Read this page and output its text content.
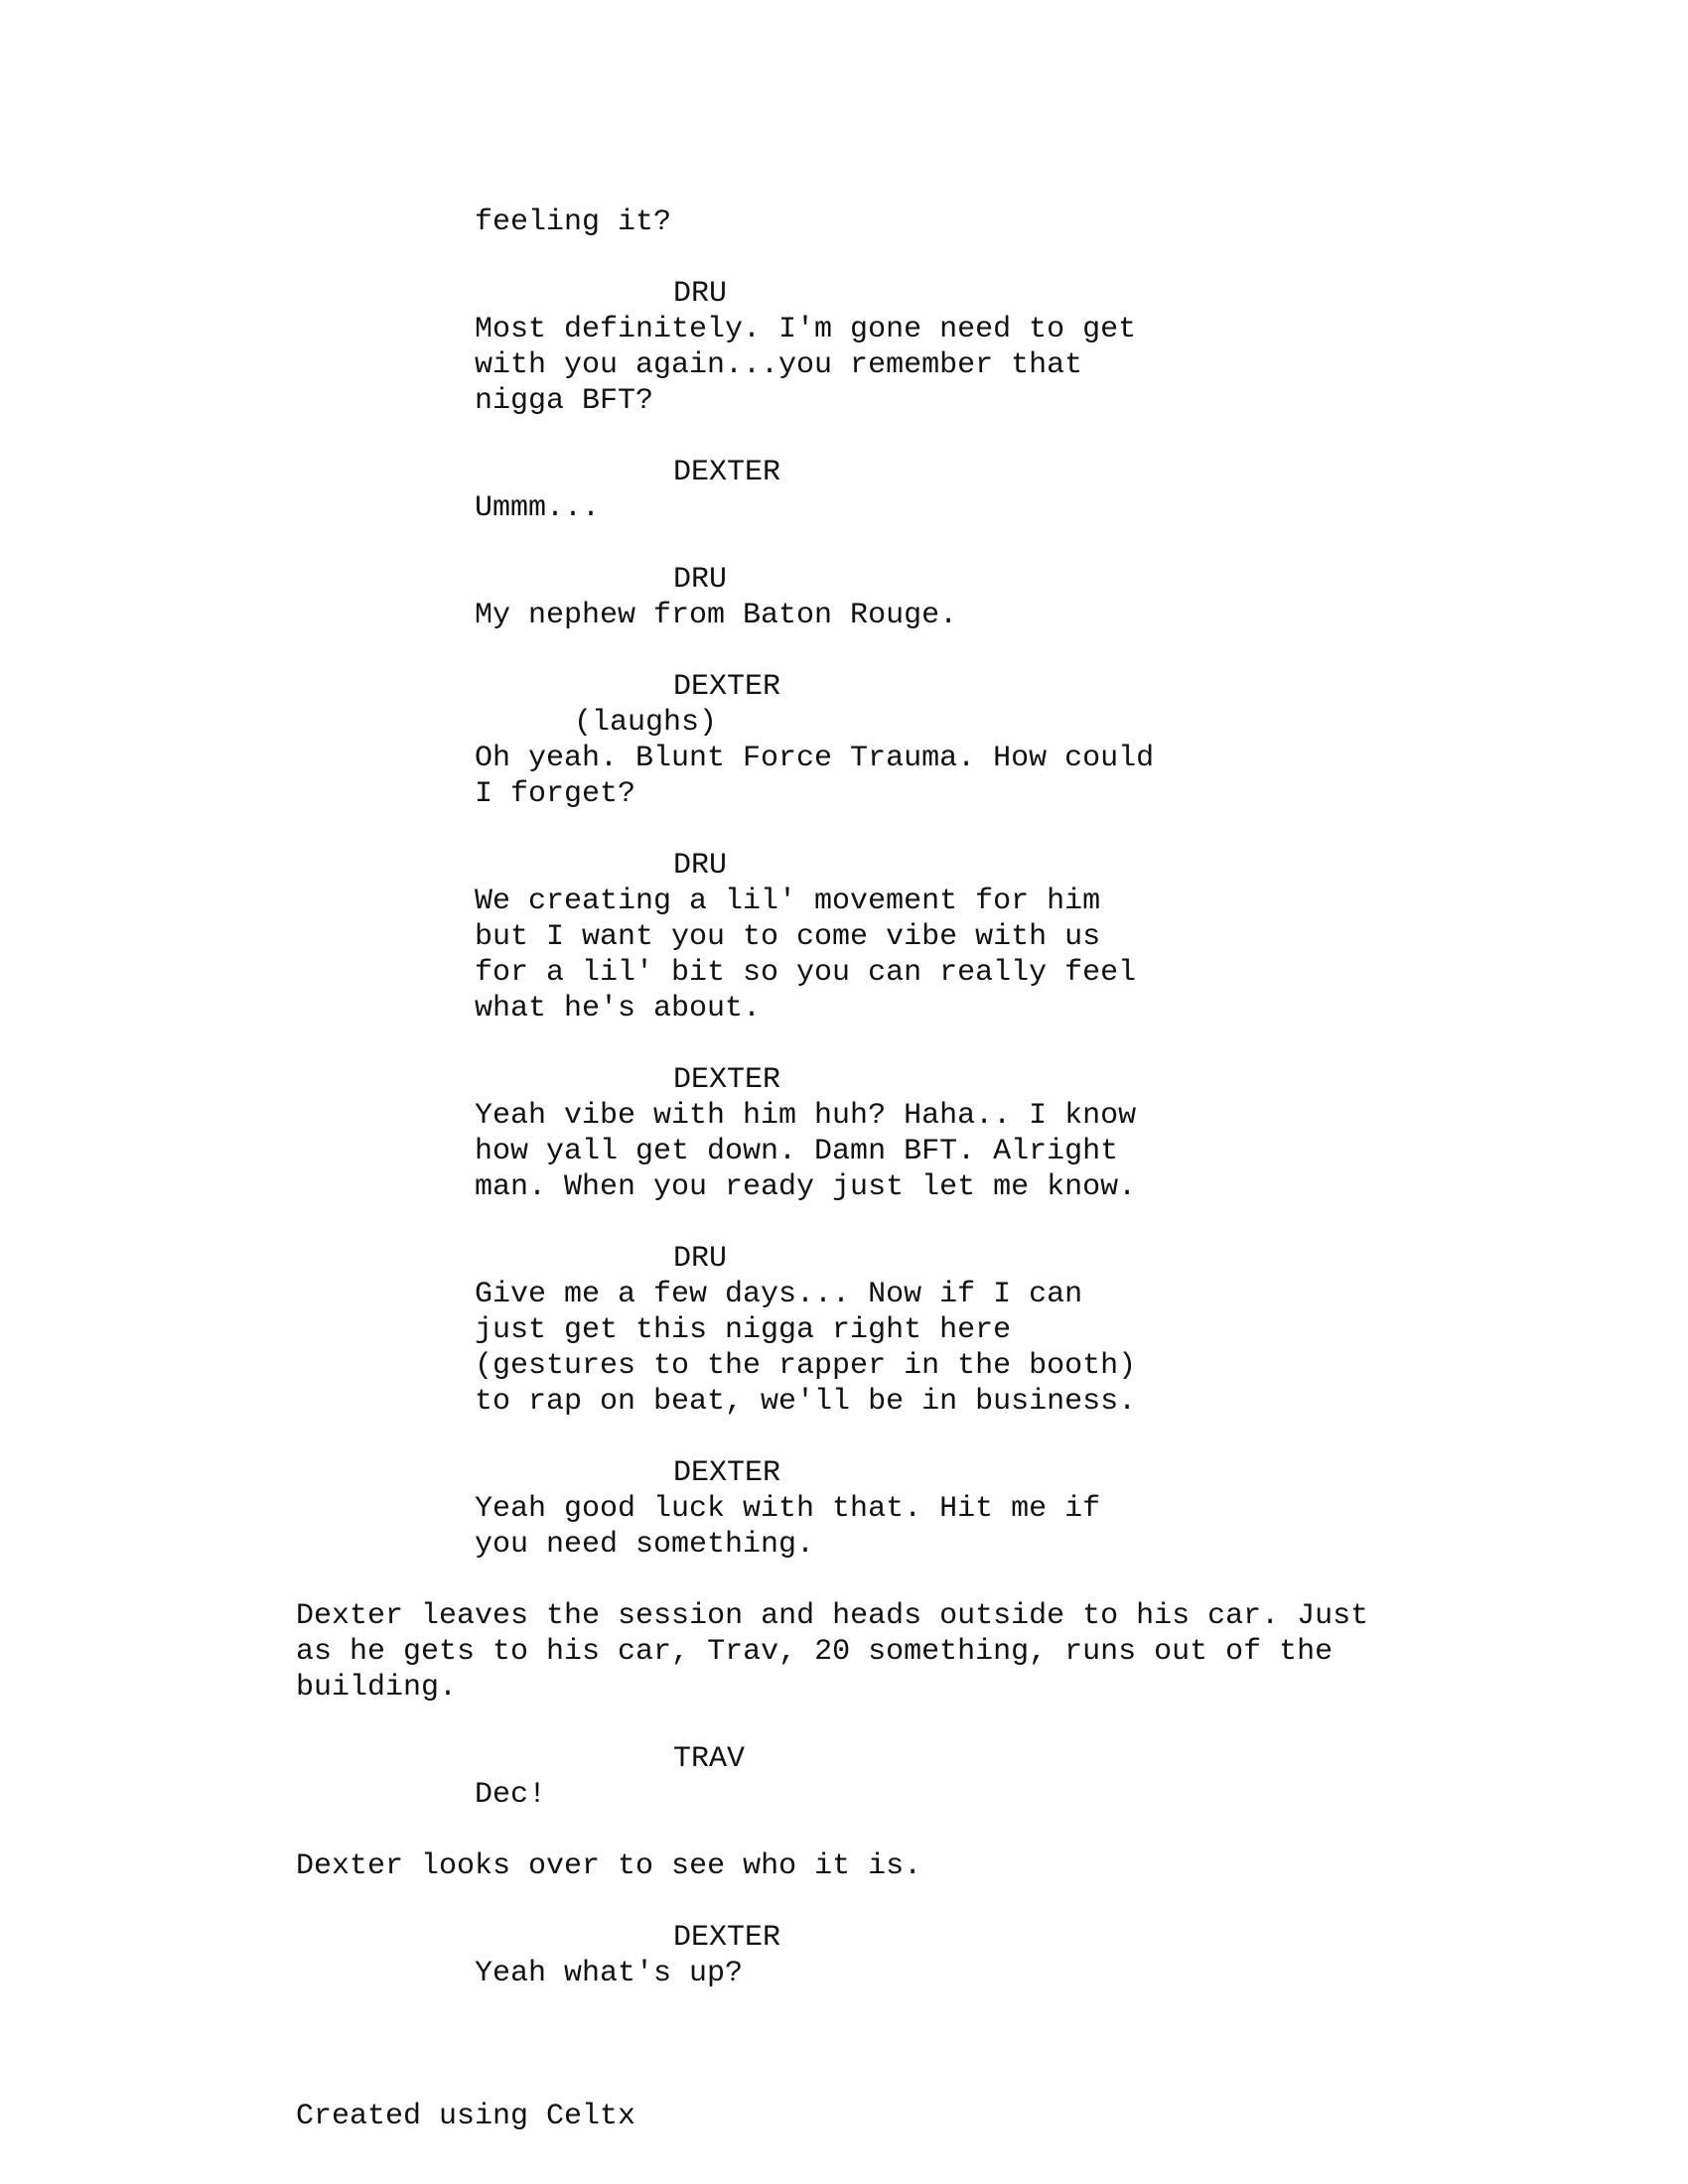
feeling it?
DRU
Most definitely. I'm gone need to get
with you again...you remember that
nigga BFT?
DEXTER
Ummm...
DRU
My nephew from Baton Rouge.
DEXTER
(laughs)
Oh yeah. Blunt Force Trauma. How could
I forget?
DRU
We creating a lil' movement for him
but I want you to come vibe with us
for a lil' bit so you can really feel
what he's about.
DEXTER
Yeah vibe with him huh? Haha.. I know
how yall get down. Damn BFT. Alright
man. When you ready just let me know.
DRU
Give me a few days... Now if I can
just get this nigga right here
(gestures to the rapper in the booth)
to rap on beat, we'll be in business.
DEXTER
Yeah good luck with that. Hit me if
you need something.
Dexter leaves the session and heads outside to his car. Just
as he gets to his car, Trav, 20 something, runs out of the
building.
TRAV
Dec!
Dexter looks over to see who it is.
DEXTER
Yeah what's up?
Created using Celtx
